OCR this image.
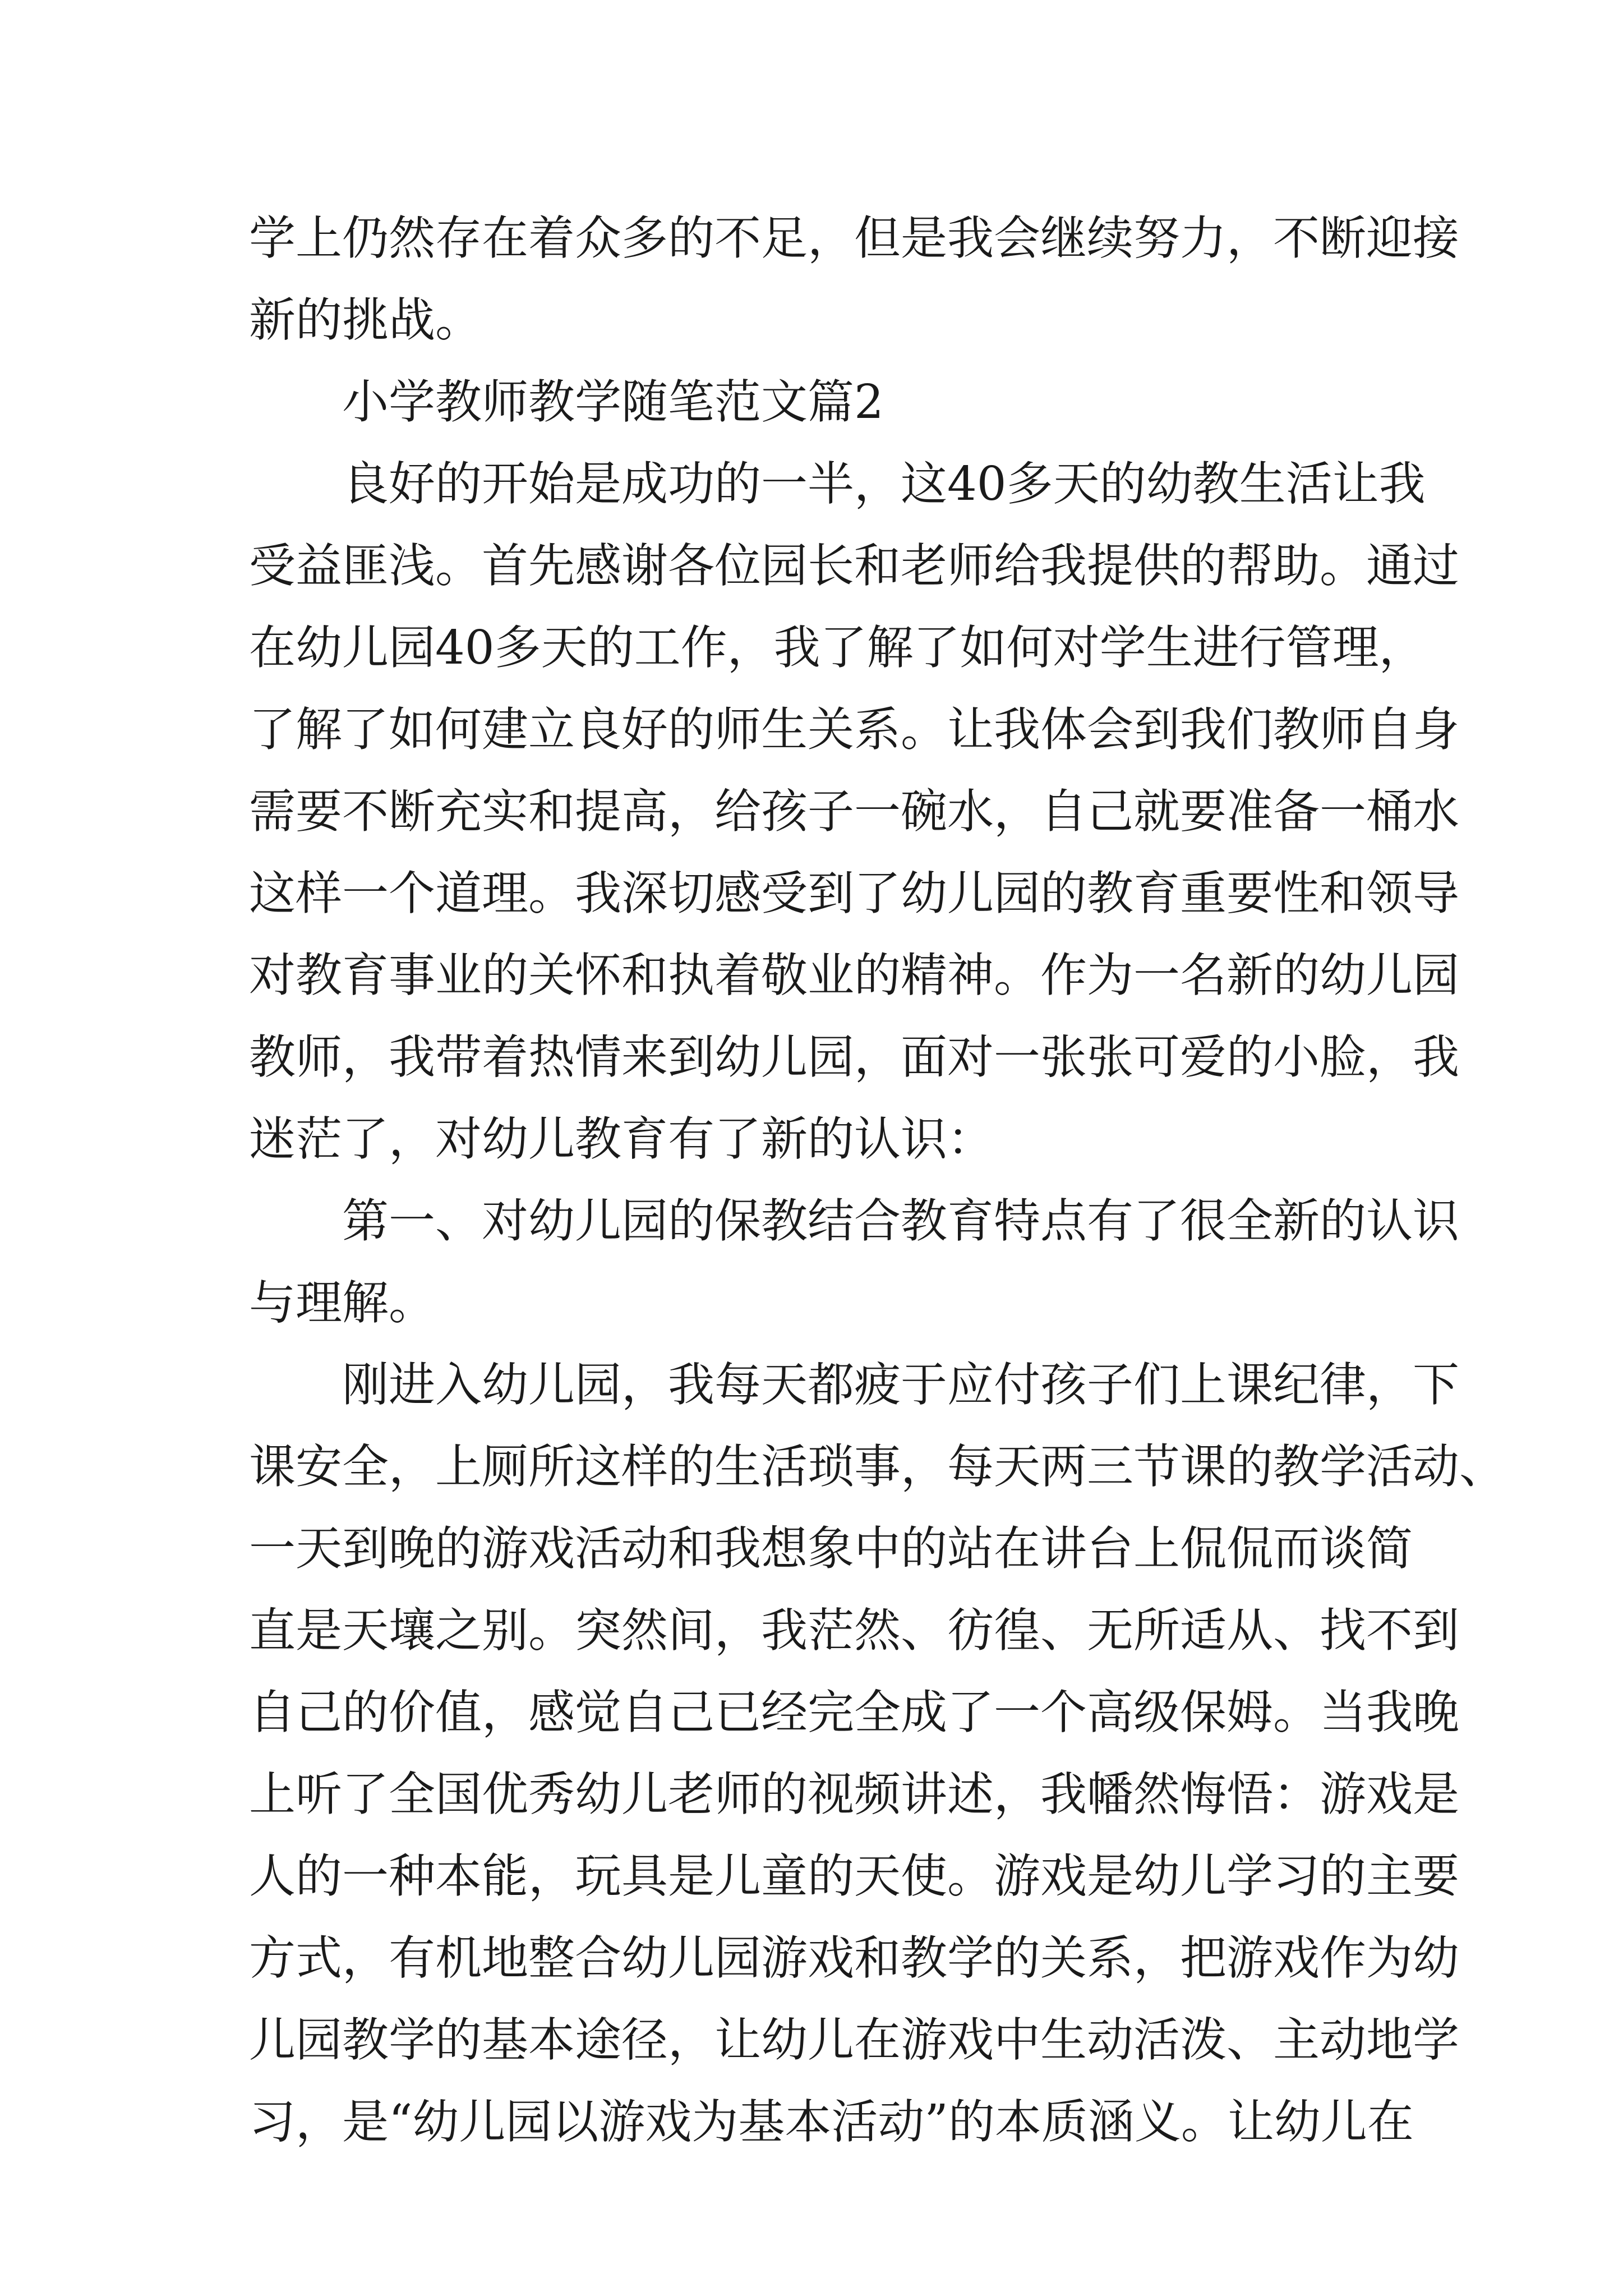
学上仍然存在着众多的不足，但是我会继续努力，不断迎接
新的挑战。
小学教师教学随笔范文篇2
良好的开始是成功的一半，这40多天的幼教生活让我
受益匪浅。首先感谢各位园长和老师给我提供的帮助。通过
在幼儿园40多天的工作，我了解了如何对学生进行管理，
了解了如何建立良好的师生关系。让我体会到我们教师自身
需要不断充实和提高，给孩子一碗水，自己就要准备一桶水
这样一个道理。我深切感受到了幼儿园的教育重要性和领导
对教育事业的关怀和执着敬业的精神。作为一名新的幼儿园
教师，我带着热情来到幼儿园，面对一张张可爱的小脸，我
迷茫了，对幼儿教育有了新的认识：
第一、对幼儿园的保教结合教育特点有了很全新的认识
与理解。
刚进入幼儿园，我每天都疲于应付孩子们上课纪律，下
课安全，上厕所这样的生活琐事，每天两三节课的教学活动、
一天到晚的游戏活动和我想象中的站在讲台上侃侃而谈简
直是天壤之别。突然间，我茫然、彷徨、无所适从、找不到
自己的价值，感觉自己已经完全成了一个高级保姆。当我晚
上听了全国优秀幼儿老师的视频讲述，我幡然悔悟：游戏是
人的一种本能，玩具是儿童的天使。游戏是幼儿学习的主要
方式，有机地整合幼儿园游戏和教学的关系，把游戏作为幼
儿园教学的基本途径，让幼儿在游戏中生动活泼、主动地学
习，是“幼儿园以游戏为基本活动”的本质涵义。让幼儿在
